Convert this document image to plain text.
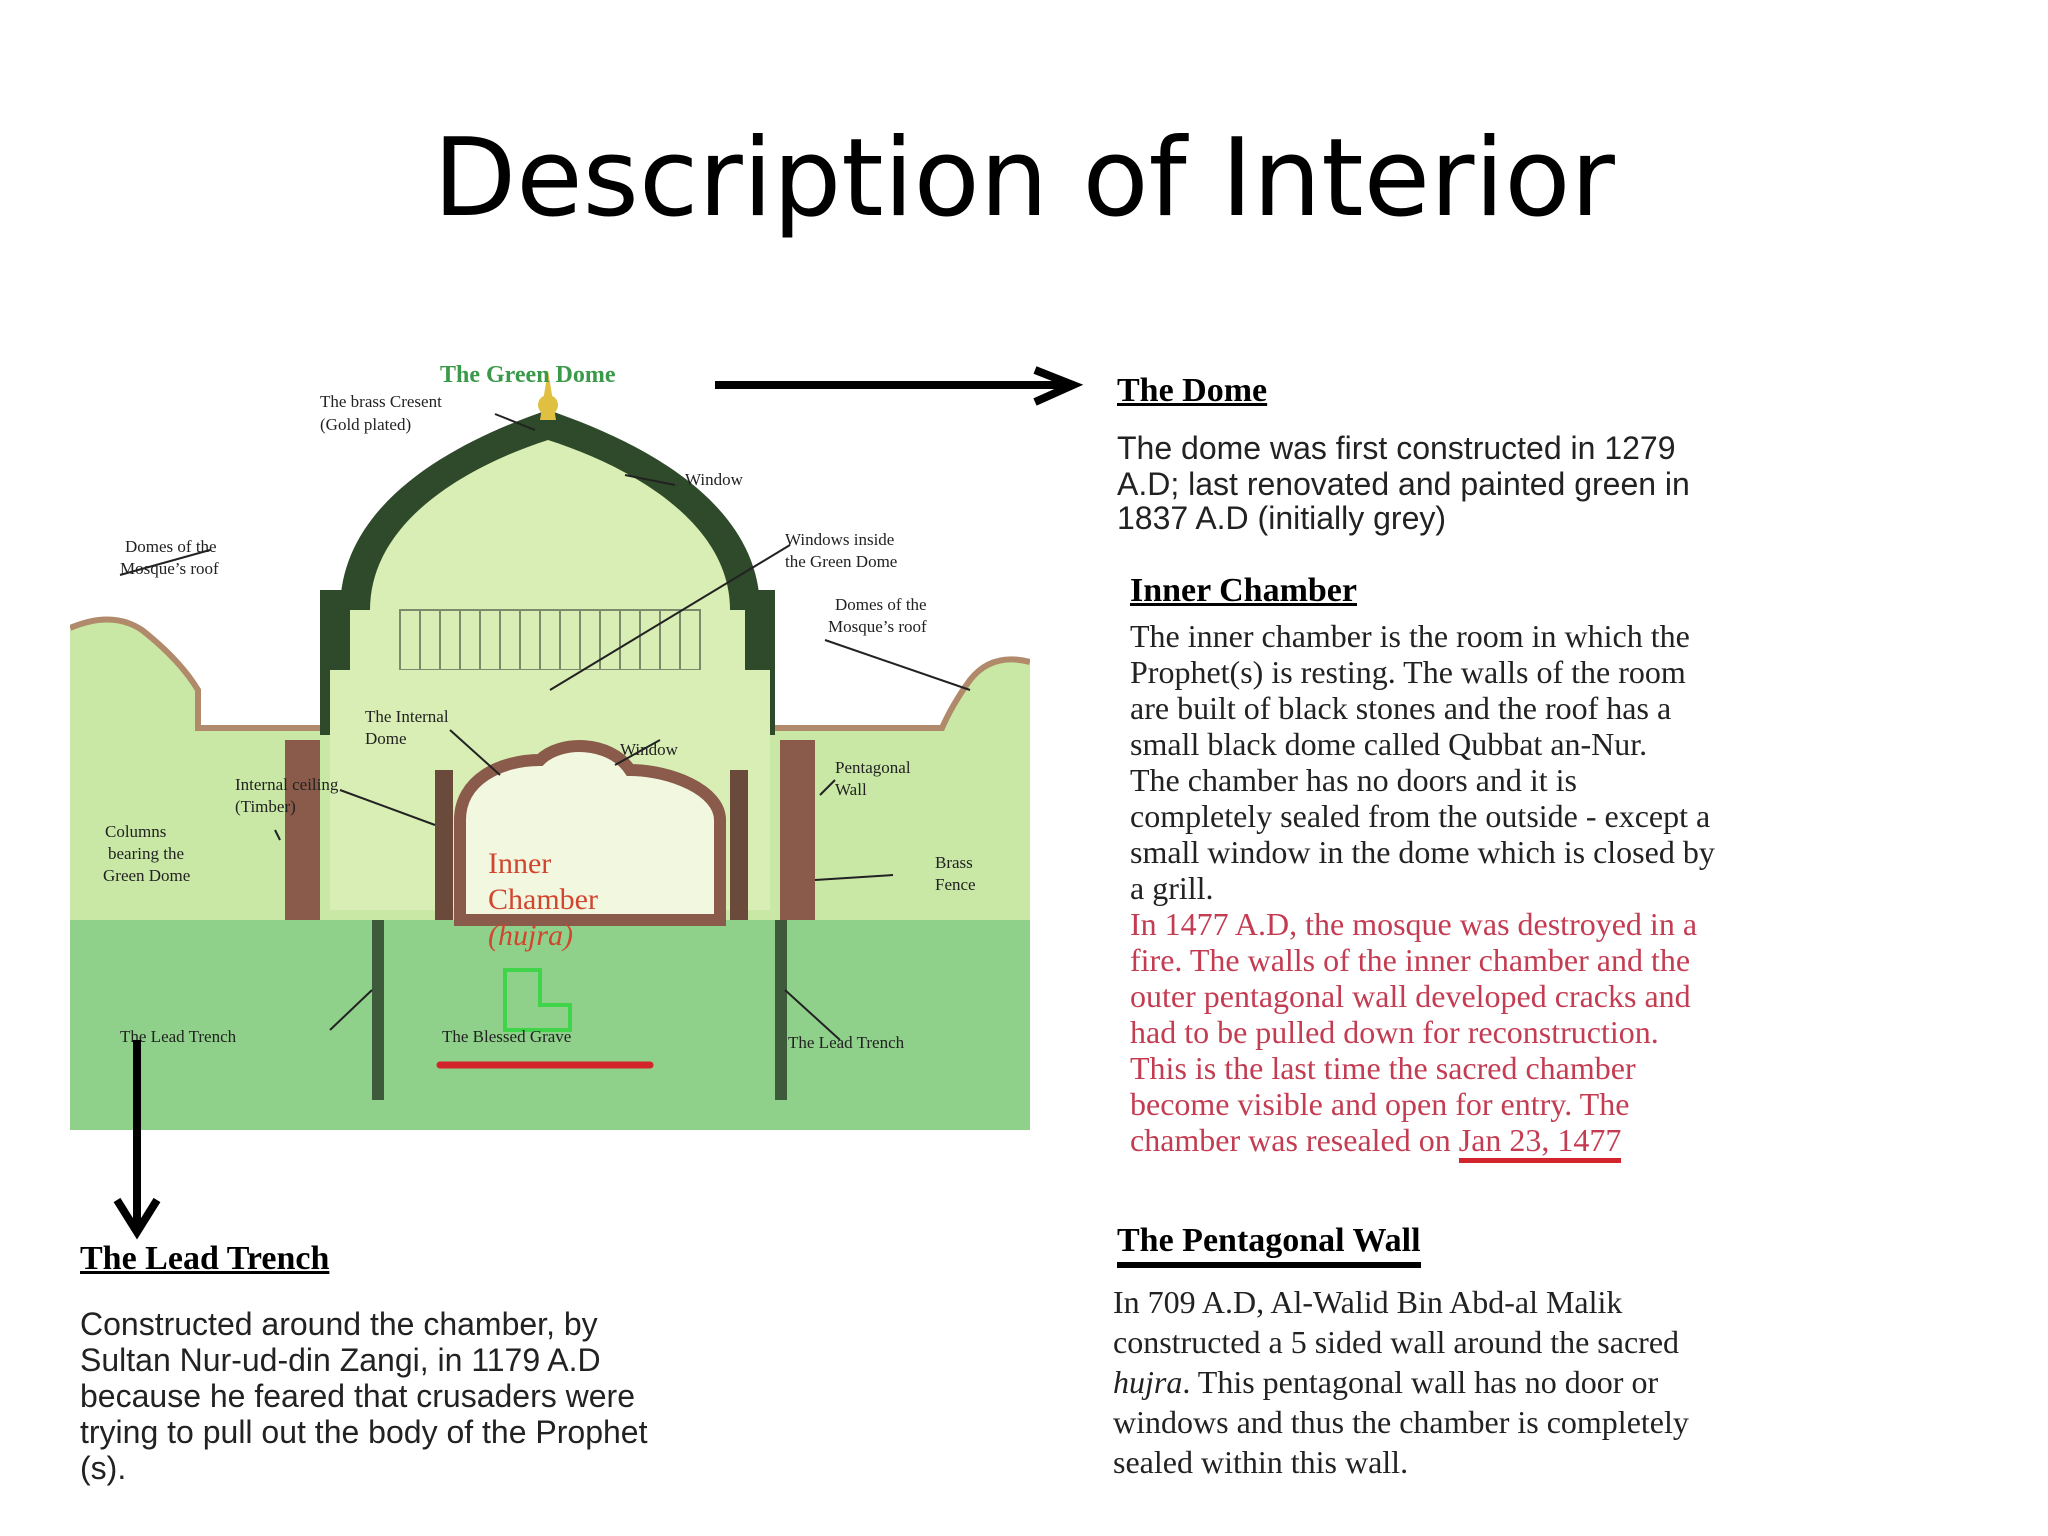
Description of Interior
The Green Dome
The brass Cresent
(Gold plated)
Window
Windows inside
the Green Dome
Domes of the
Mosque’s roof
Domes of the
Mosque’s roof
The Internal
Dome
Window
Internal ceiling
(Timber)
Pentagonal
Wall
Columns
bearing the
Green Dome
Brass
Fence
Inner
Chamber
(hujra)
The Lead Trench	The Blessed Grave	The Lead Trench
The Dome

The dome was first constructed in 1279

A.D; last renovated and painted green in

1837 A.D (initially grey)

Inner Chamber

The inner chamber is the room in which the

Prophet(s) is resting. The walls of the room

are built of black stones and the roof has a

small black dome called Qubbat an-Nur.

The chamber has no doors and it is

completely sealed from the outside - except a

small window in the dome which is closed by

a grill.

In 1477 A.D, the mosque was destroyed in a

fire. The walls of the inner chamber and the

outer pentagonal wall developed cracks and

had to be pulled down for reconstruction.

This is the last time the sacred chamber

become visible and open for entry. The

chamber was resealed on Jan 23, 1477

The Lead Trench

Constructed around the chamber, by

Sultan Nur-ud-din Zangi, in 1179 A.D

because he feared that crusaders were

trying to pull out the body of the Prophet

(s).

The Pentagonal Wall

In 709 A.D, Al-Walid Bin Abd-al Malik

constructed a 5 sided wall around the sacred

hujra. This pentagonal wall has no door or

windows and thus the chamber is completely

sealed within this wall.
